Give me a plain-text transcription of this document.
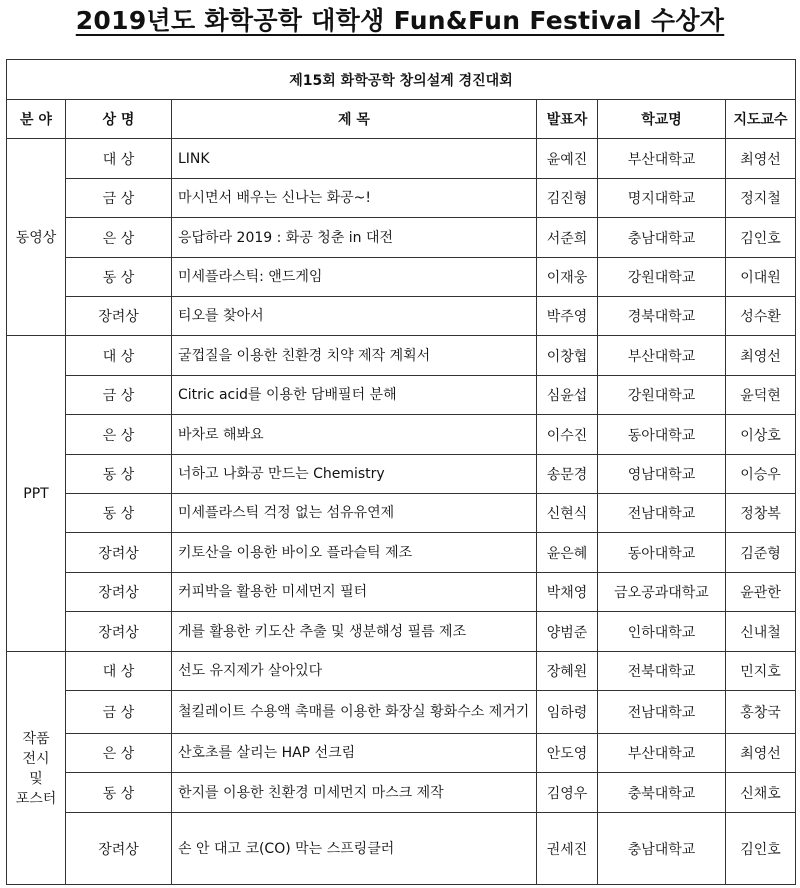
2019년도 화학공학 대학생 Fun&Fun Festival 수상자
제15회 화학공학 창의설계 경진대회					
분 야	상 명	제 목	발표자	학교명	지도교수
동영상	대 상	LINK	윤예진	부산대학교	최영선
	금 상	마시면서 배우는 신나는 화공~!	김진형	명지대학교	정지철
	은 상	응답하라 2019 : 화공 청춘 in 대전	서준희	충남대학교	김인호
	동 상	미세플라스틱: 앤드게임	이재웅	강원대학교	이대원
	장려상	티오를 찾아서	박주영	경북대학교	성수환
PPT	대 상	굴껍질을 이용한 친환경 치약 제작 계획서	이창협	부산대학교	최영선
	금 상	Citric acid를 이용한 담배필터 분해	심윤섭	강원대학교	윤덕현
	은 상	바차로 해봐요	이수진	동아대학교	이상호
	동 상	너하고 나화공 만드는 Chemistry	송문경	영남대학교	이승우
	동 상	미세플라스틱 걱정 없는 섬유유연제	신현식	전남대학교	정창복
	장려상	키토산을 이용한 바이오 플라슽틱 제조	윤은혜	동아대학교	김준형
	장려상	커피박을 활용한 미세먼지 필터	박채영	금오공과대학교	윤관한
	장려상	게를 활용한 키도산 추출 및 생분해성 필름 제조	양범준	인하대학교	신내철

작품
전시
및
포스터	대 상	선도 유지제가 살아있다	장혜원	전북대학교	민지호
	금 상	철킬레이트 수용액 촉매를 이용한 화장실 황화수소 제거기	임하령	전남대학교	홍창국
	은 상	산호초를 살리는 HAP 선크림	안도영	부산대학교	최영선
	동 상	한지를 이용한 친환경 미세먼지 마스크 제작	김영우	충북대학교	신채호
	장려상	손 안 대고 코(CO) 막는 스프링클러	권세진	충남대학교	김인호
